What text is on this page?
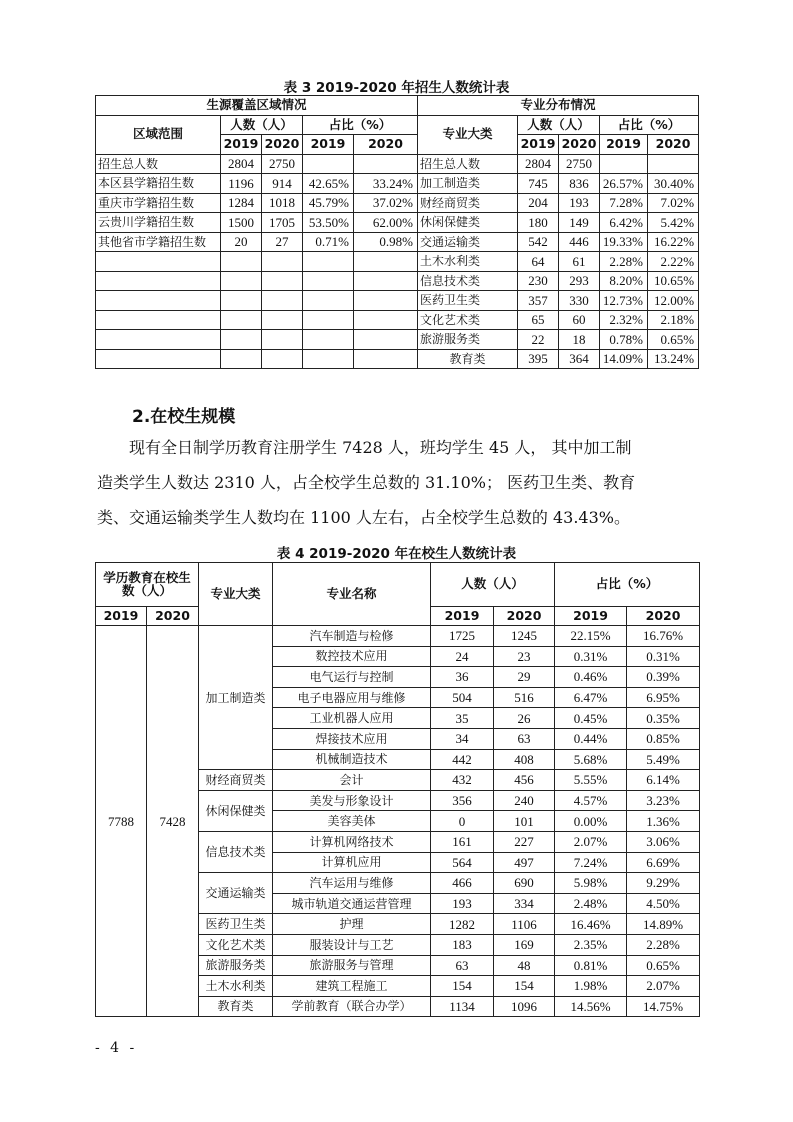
表 3 2019-2020 年招生人数统计表
生源覆盖区域情况					专业分布情况				
区域范围	人数（人）		占比（%）		专业大类	人数（人）		占比（%）	
	2019	2020	2019	2020		2019	2020	2019	2020
招生总人数	2804	2750			招生总人数	2804	2750		
本区县学籍招生数	1196	914	42.65%	33.24%	加工制造类	745	836	26.57%	30.40%
重庆市学籍招生数	1284	1018	45.79%	37.02%	财经商贸类	204	193	7.28%	7.02%
云贵川学籍招生数	1500	1705	53.50%	62.00%	休闲保健类	180	149	6.42%	5.42%
其他省市学籍招生数	20	27	0.71%	0.98%	交通运输类	542	446	19.33%	16.22%
					土木水利类	64	61	2.28%	2.22%
					信息技术类	230	293	8.20%	10.65%
					医药卫生类	357	330	12.73%	12.00%
					文化艺术类	65	60	2.32%	2.18%
					旅游服务类	22	18	0.78%	0.65%
					教育类	395	364	14.09%	13.24%
2.在校生规模
现有全日制学历教育注册学生 7428 人，班均学生 45 人， 其中加工制
造类学生人数达 2310 人，占全校学生总数的 31.10%； 医药卫生类、教育
类、交通运输类学生人数均在 1100 人左右，占全校学生总数的 43.43%。
表 4 2019-2020 年在校生人数统计表
学历教育在校生
数（人）		专业大类	专业名称	人数（人）		占比（%）	

2019	2020			2019	2020	2019	2020
7788	7428	加工制造类	汽车制造与检修	1725	1245	22.15%	16.76%
			数控技术应用	24	23	0.31%	0.31%
			电气运行与控制	36	29	0.46%	0.39%
			电子电器应用与维修	504	516	6.47%	6.95%
			工业机器人应用	35	26	0.45%	0.35%
			焊接技术应用	34	63	0.44%	0.85%
			机械制造技术	442	408	5.68%	5.49%
		财经商贸类	会计	432	456	5.55%	6.14%
		休闲保健类	美发与形象设计	356	240	4.57%	3.23%
			美容美体	0	101	0.00%	1.36%
		信息技术类	计算机网络技术	161	227	2.07%	3.06%
			计算机应用	564	497	7.24%	6.69%
		交通运输类	汽车运用与维修	466	690	5.98%	9.29%
			城市轨道交通运营管理	193	334	2.48%	4.50%
		医药卫生类	护理	1282	1106	16.46%	14.89%
		文化艺术类	服装设计与工艺	183	169	2.35%	2.28%
		旅游服务类	旅游服务与管理	63	48	0.81%	0.65%
		土木水利类	建筑工程施工	154	154	1.98%	2.07%
		教育类	学前教育（联合办学）	1134	1096	14.56%	14.75%
- 4 -
